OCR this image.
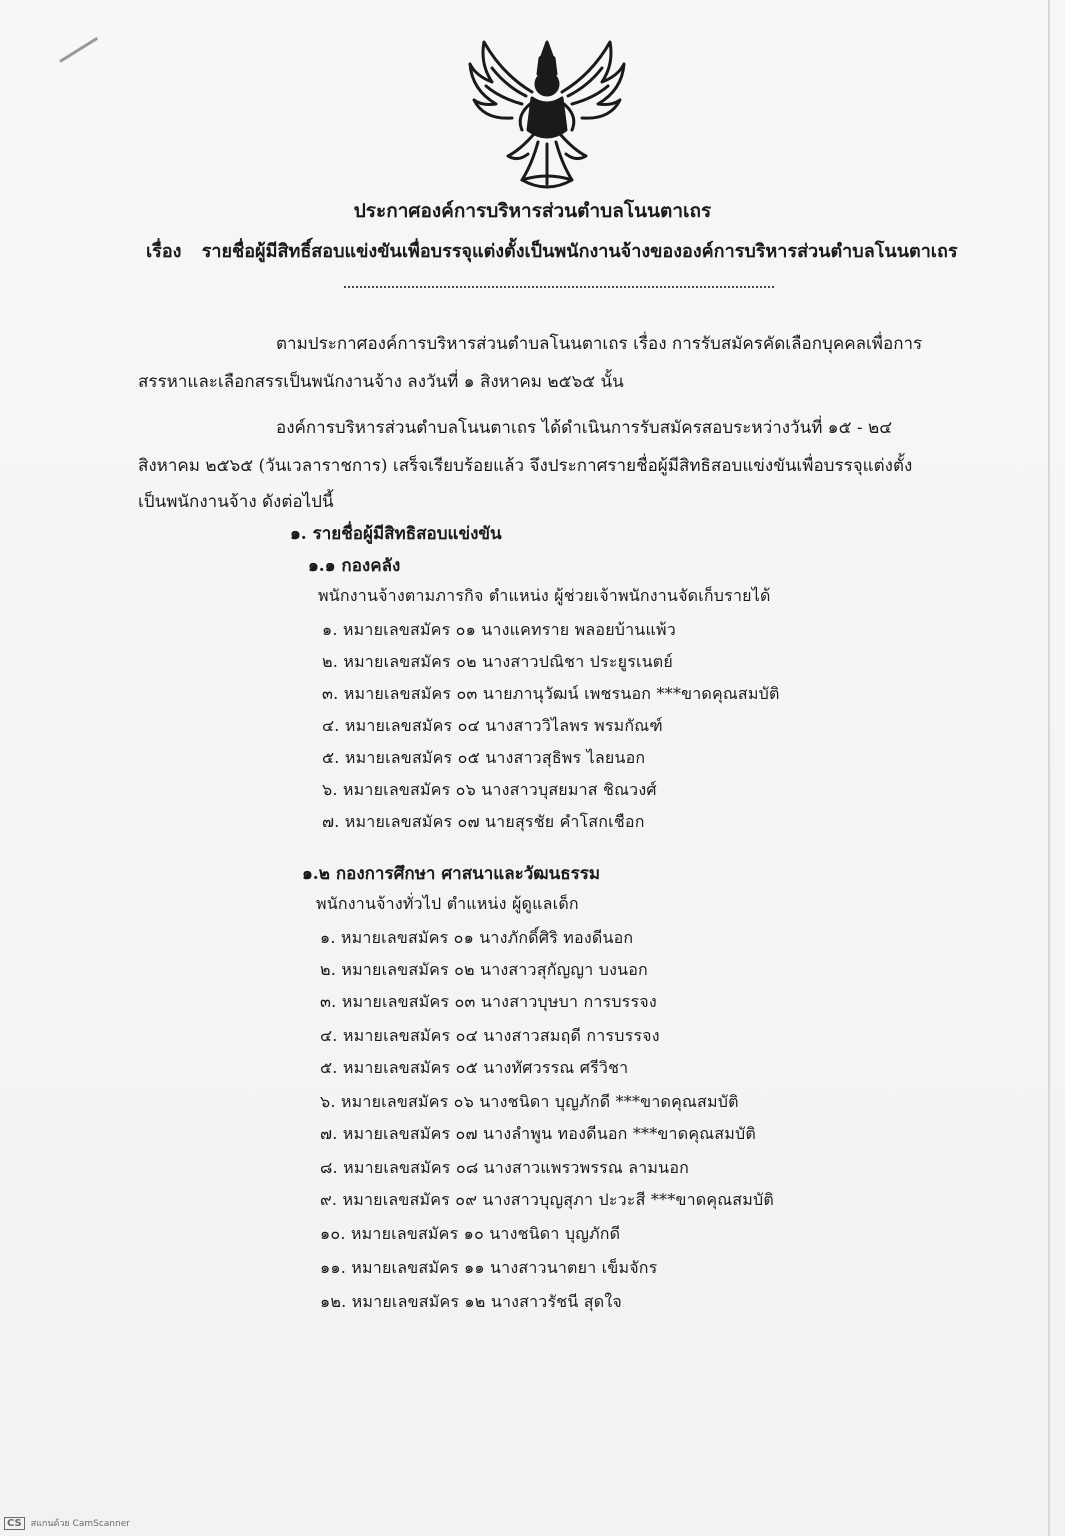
ประกาศองค์การบริหารส่วนตำบลโนนตาเถร
เรื่อง รายชื่อผู้มีสิทธิ์สอบแข่งขันเพื่อบรรจุแต่งตั้งเป็นพนักงานจ้างขององค์การบริหารส่วนตำบลโนนตาเถร
ตามประกาศองค์การบริหารส่วนตำบลโนนตาเถร เรื่อง การรับสมัครคัดเลือกบุคคลเพื่อการ
สรรหาและเลือกสรรเป็นพนักงานจ้าง ลงวันที่ ๑ สิงหาคม ๒๕๖๕ นั้น
องค์การบริหารส่วนตำบลโนนตาเถร ได้ดำเนินการรับสมัครสอบระหว่างวันที่ ๑๕ - ๒๔
สิงหาคม ๒๕๖๕ (วันเวลาราชการ) เสร็จเรียบร้อยแล้ว จึงประกาศรายชื่อผู้มีสิทธิสอบแข่งขันเพื่อบรรจุแต่งตั้ง
เป็นพนักงานจ้าง ดังต่อไปนี้
๑. รายชื่อผู้มีสิทธิสอบแข่งขัน
๑.๑ กองคลัง
พนักงานจ้างตามภารกิจ ตำแหน่ง ผู้ช่วยเจ้าพนักงานจัดเก็บรายได้
๑. หมายเลขสมัคร ๐๑ นางแคทราย พลอยบ้านแพ้ว
๒. หมายเลขสมัคร ๐๒ นางสาวปณิชา ประยูรเนตย์
๓. หมายเลขสมัคร ๐๓ นายภานุวัฒน์ เพชรนอก ***ขาดคุณสมบัติ
๔. หมายเลขสมัคร ๐๔ นางสาววิไลพร พรมกัณฑ์
๕. หมายเลขสมัคร ๐๕ นางสาวสุธิพร ไลยนอก
๖. หมายเลขสมัคร ๐๖ นางสาวบุสยมาส ชิณวงศ์
๗. หมายเลขสมัคร ๐๗ นายสุรชัย คำโสกเชือก
๑.๒ กองการศึกษา ศาสนาและวัฒนธรรม
พนักงานจ้างทั่วไป ตำแหน่ง ผู้ดูแลเด็ก
๑. หมายเลขสมัคร ๐๑ นางภักดิ์ศิริ ทองดีนอก
๒. หมายเลขสมัคร ๐๒ นางสาวสุกัญญา บงนอก
๓. หมายเลขสมัคร ๐๓ นางสาวบุษบา การบรรจง
๔. หมายเลขสมัคร ๐๔ นางสาวสมฤดี การบรรจง
๕. หมายเลขสมัคร ๐๕ นางทัศวรรณ ศรีวิชา
๖. หมายเลขสมัคร ๐๖ นางชนิดา บุญภักดี ***ขาดคุณสมบัติ
๗. หมายเลขสมัคร ๐๗ นางลำพูน ทองดีนอก ***ขาดคุณสมบัติ
๘. หมายเลขสมัคร ๐๘ นางสาวแพรวพรรณ ลามนอก
๙. หมายเลขสมัคร ๐๙ นางสาวบุญสุภา ปะวะสี ***ขาดคุณสมบัติ
๑๐. หมายเลขสมัคร ๑๐ นางชนิดา บุญภักดี
๑๑. หมายเลขสมัคร ๑๑ นางสาวนาตยา เข็มจักร
๑๒. หมายเลขสมัคร ๑๒ นางสาวรัชนี สุดใจ
CS สแกนด้วย CamScanner
